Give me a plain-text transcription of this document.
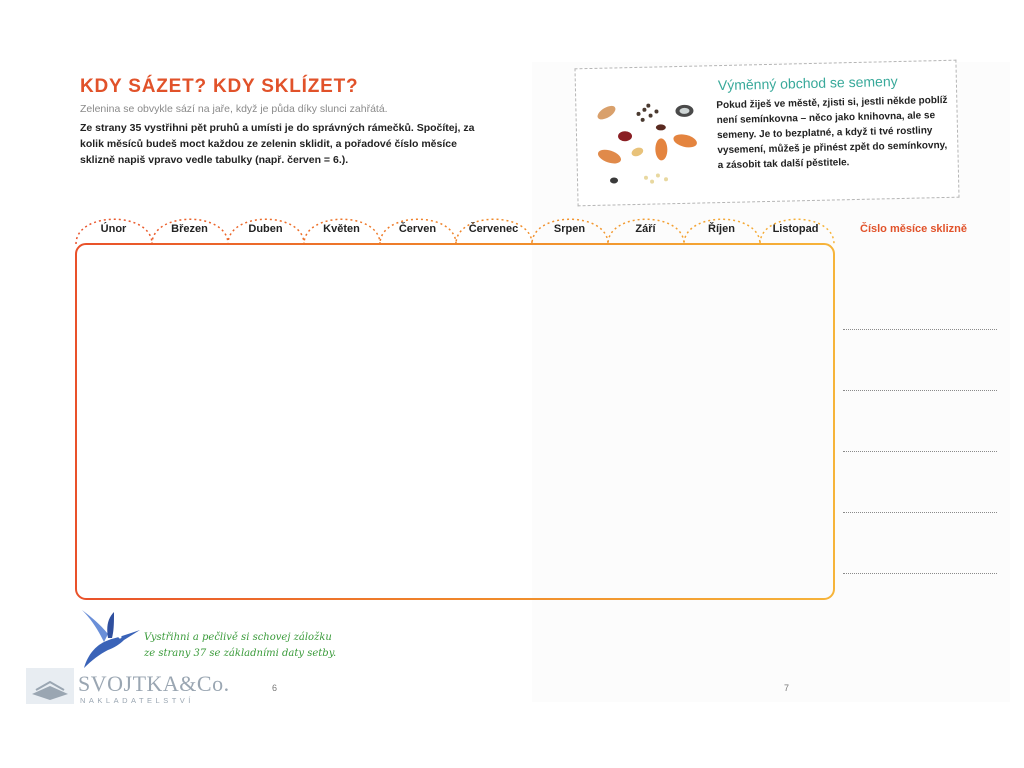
KDY SÁZET? KDY SKLÍZET?
Zelenina se obvykle sází na jaře, když je půda díky slunci zahřátá.
Ze strany 35 vystřihni pět pruhů a umísti je do správných rámečků. Spočítej, za kolik měsíců budeš moct každou ze zelenin sklidit, a pořadové číslo měsíce sklizně napiš vpravo vedle tabulky (např. červen = 6.).
Výměnný obchod se semeny
Pokud žiješ ve městě, zjisti si, jestli někde poblíž není semínkovna – něco jako knihovna, ale se semeny. Je to bezplatné, a když ti tvé rostliny vysemení, můžeš je přinést zpět do semínkovny, a zásobit tak další pěstitele.
Únor	Březen	Duben	Květen	Červen	Červenec	Srpen	Září	Říjen	Listopad	Číslo měsíce sklizně
Vystřihni a pečlivě si schovej záložku
ze strany 37 se základními daty setby.
6	7
SVOJTKA&Co.
NAKLADATELSTVÍ
